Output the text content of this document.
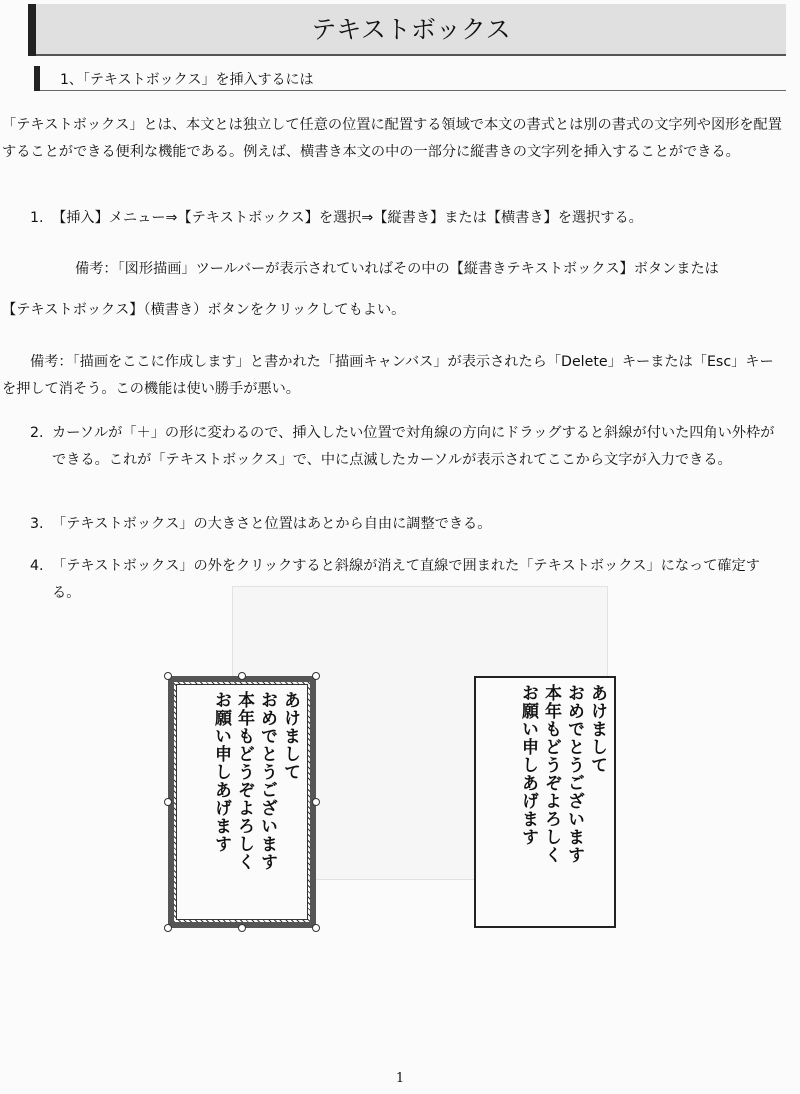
テキストボックス
1、「テキストボックス」を挿入するには

「テキストボックス」とは、本文とは独立して任意の位置に配置する領域で本文の書式とは別の書式の文字列や図形を配置することができる便利な機能である。例えば、横書き本文の中の一部分に縦書きの文字列を挿入することができる。

1. 【挿入】メニュー⇒【テキストボックス】を選択⇒【縦書き】または【横書き】を選択する。

備考：「図形描画」ツールバーが表示されていればその中の【縦書きテキストボックス】ボタンまたは

【テキストボックス】（横書き）ボタンをクリックしてもよい。

備考：「描画をここに作成します」と書かれた「描画キャンバス」が表示されたら「Delete」キーまたは「Esc」キーを押して消そう。この機能は使い勝手が悪い。

2. カーソルが「＋」の形に変わるので、挿入したい位置で対角線の方向にドラッグすると斜線が付いた四角い外枠ができる。これが「テキストボックス」で、中に点滅したカーソルが表示されてここから文字が入力できる。
3. 「テキストボックス」の大きさと位置はあとから自由に調整できる。
4. 「テキストボックス」の外をクリックすると斜線が消えて直線で囲まれた「テキストボックス」になって確定する。
あけまして
おめでとうございます
本年もどうぞよろしく
お願い申しあげます	あけまして
おめでとうございます
本年もどうぞよろしく
お願い申しあげます
1
